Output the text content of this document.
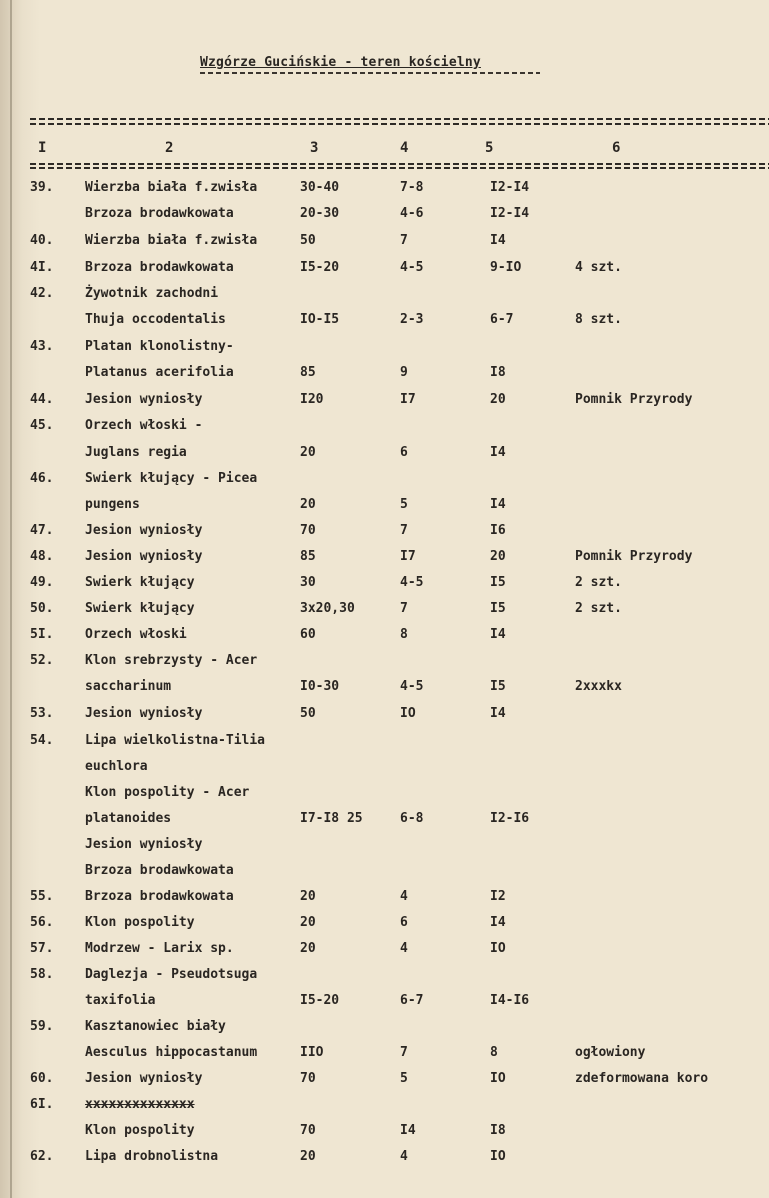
Wzgórze Gucińskie - teren kościelny
I	2	3	4	5	6
39. Wierzba biała f.zwisła	30-40	7-8	I2-I4
Brzoza brodawkowata	20-30	4-6	I2-I4
40. Wierzba biała f.zwisła	50	7	I4
4I. Brzoza brodawkowata	I5-20	4-5	9-IO	4 szt.
42. Żywotnik zachodni
Thuja occodentalis	IO-I5	2-3	6-7	8 szt.
43. Platan klonolistny-
Platanus acerifolia	85	9	I8
44. Jesion wyniosły	I20	I7	20	Pomnik Przyrody
45. Orzech włoski -
Juglans regia	20	6	I4
46. Swierk kłujący - Picea
pungens	20	5	I4
47. Jesion wyniosły	70	7	I6
48. Jesion wyniosły	85	I7	20	Pomnik Przyrody
49. Swierk kłujący	30	4-5	I5	2 szt.
50. Swierk kłujący	3x20,30	7	I5	2 szt.
5I. Orzech włoski	60	8	I4
52. Klon srebrzysty - Acer
saccharinum	I0-30	4-5	I5	2xxxkx
53. Jesion wyniosły	50	IO	I4
54. Lipa wielkolistna-Tilia
euchlora
Klon pospolity - Acer
platanoides	I7-I8 25	6-8	I2-I6
Jesion wyniosły
Brzoza brodawkowata
55. Brzoza brodawkowata	20	4	I2
56. Klon pospolity	20	6	I4
57. Modrzew - Larix sp.	20	4	IO
58. Daglezja - Pseudotsuga
taxifolia	I5-20	6-7	I4-I6
59. Kasztanowiec biały
Aesculus hippocastanum	IIO	7	8	ogłowiony
60. Jesion wyniosły	70	5	IO	zdeformowana koro
6I. xxxxxxxxxxxxxx
Klon pospolity	70	I4	I8
62. Lipa drobnolistna	20	4	IO
